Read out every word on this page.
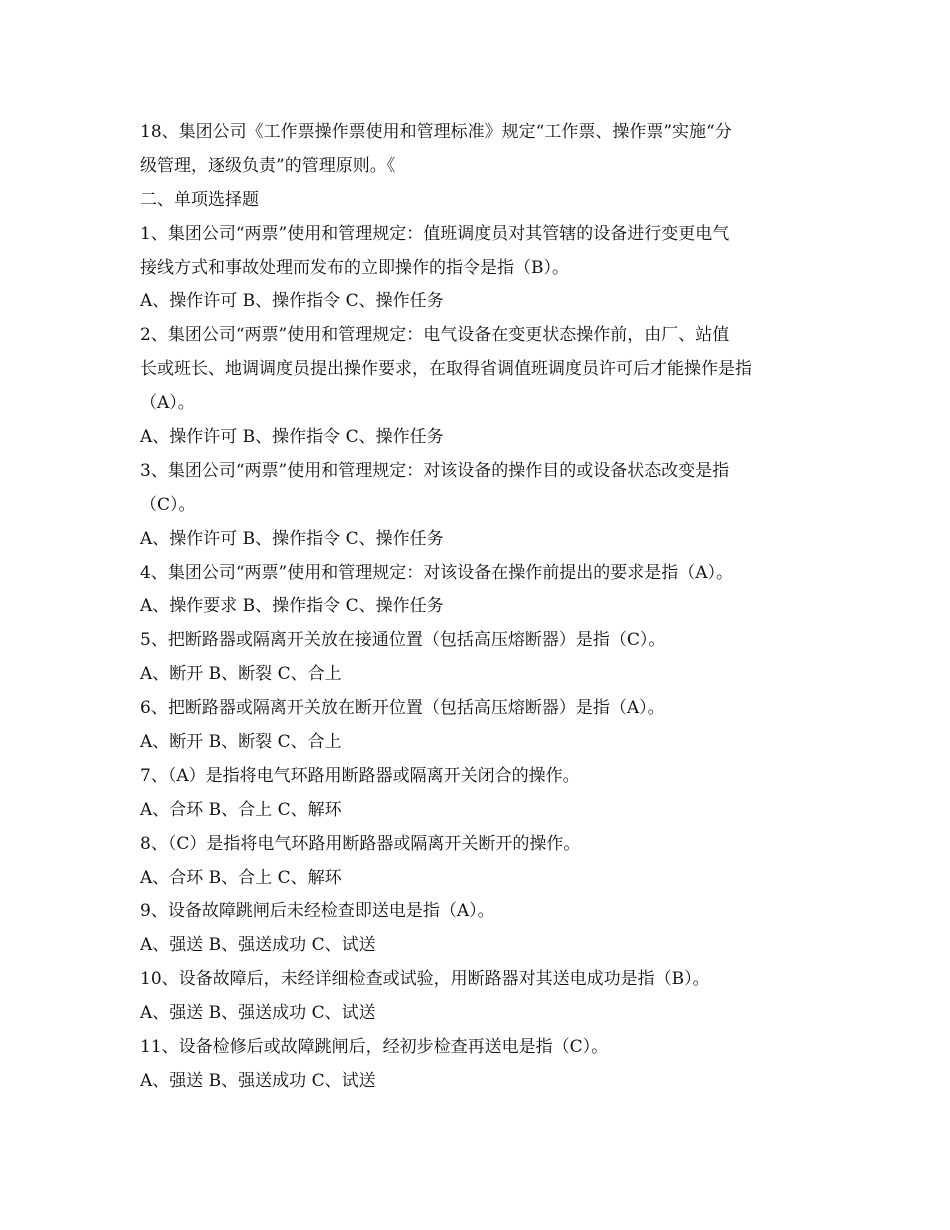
18、集团公司《工作票操作票使用和管理标准》规定“工作票、操作票”实施“分
级管理，逐级负责”的管理原则。《
二、单项选择题
1、集团公司“两票”使用和管理规定：值班调度员对其管辖的设备进行变更电气
接线方式和事故处理而发布的立即操作的指令是指（B）。
A、操作许可 B、操作指令 C、操作任务
2、集团公司“两票”使用和管理规定：电气设备在变更状态操作前，由厂、站值
长或班长、地调调度员提出操作要求，在取得省调值班调度员许可后才能操作是指
（A）。
A、操作许可 B、操作指令 C、操作任务
3、集团公司“两票”使用和管理规定：对该设备的操作目的或设备状态改变是指
（C）。
A、操作许可 B、操作指令 C、操作任务
4、集团公司“两票”使用和管理规定：对该设备在操作前提出的要求是指（A）。
A、操作要求 B、操作指令 C、操作任务
5、把断路器或隔离开关放在接通位置（包括高压熔断器）是指（C）。
A、断开 B、断裂 C、合上
6、把断路器或隔离开关放在断开位置（包括高压熔断器）是指（A）。
A、断开 B、断裂 C、合上
7、（A）是指将电气环路用断路器或隔离开关闭合的操作。
A、合环 B、合上 C、解环
8、（C）是指将电气环路用断路器或隔离开关断开的操作。
A、合环 B、合上 C、解环
9、设备故障跳闸后未经检查即送电是指（A）。
A、强送 B、强送成功 C、试送
10、设备故障后，未经详细检查或试验，用断路器对其送电成功是指（B）。
A、强送 B、强送成功 C、试送
11、设备检修后或故障跳闸后，经初步检查再送电是指（C）。
A、强送 B、强送成功 C、试送
